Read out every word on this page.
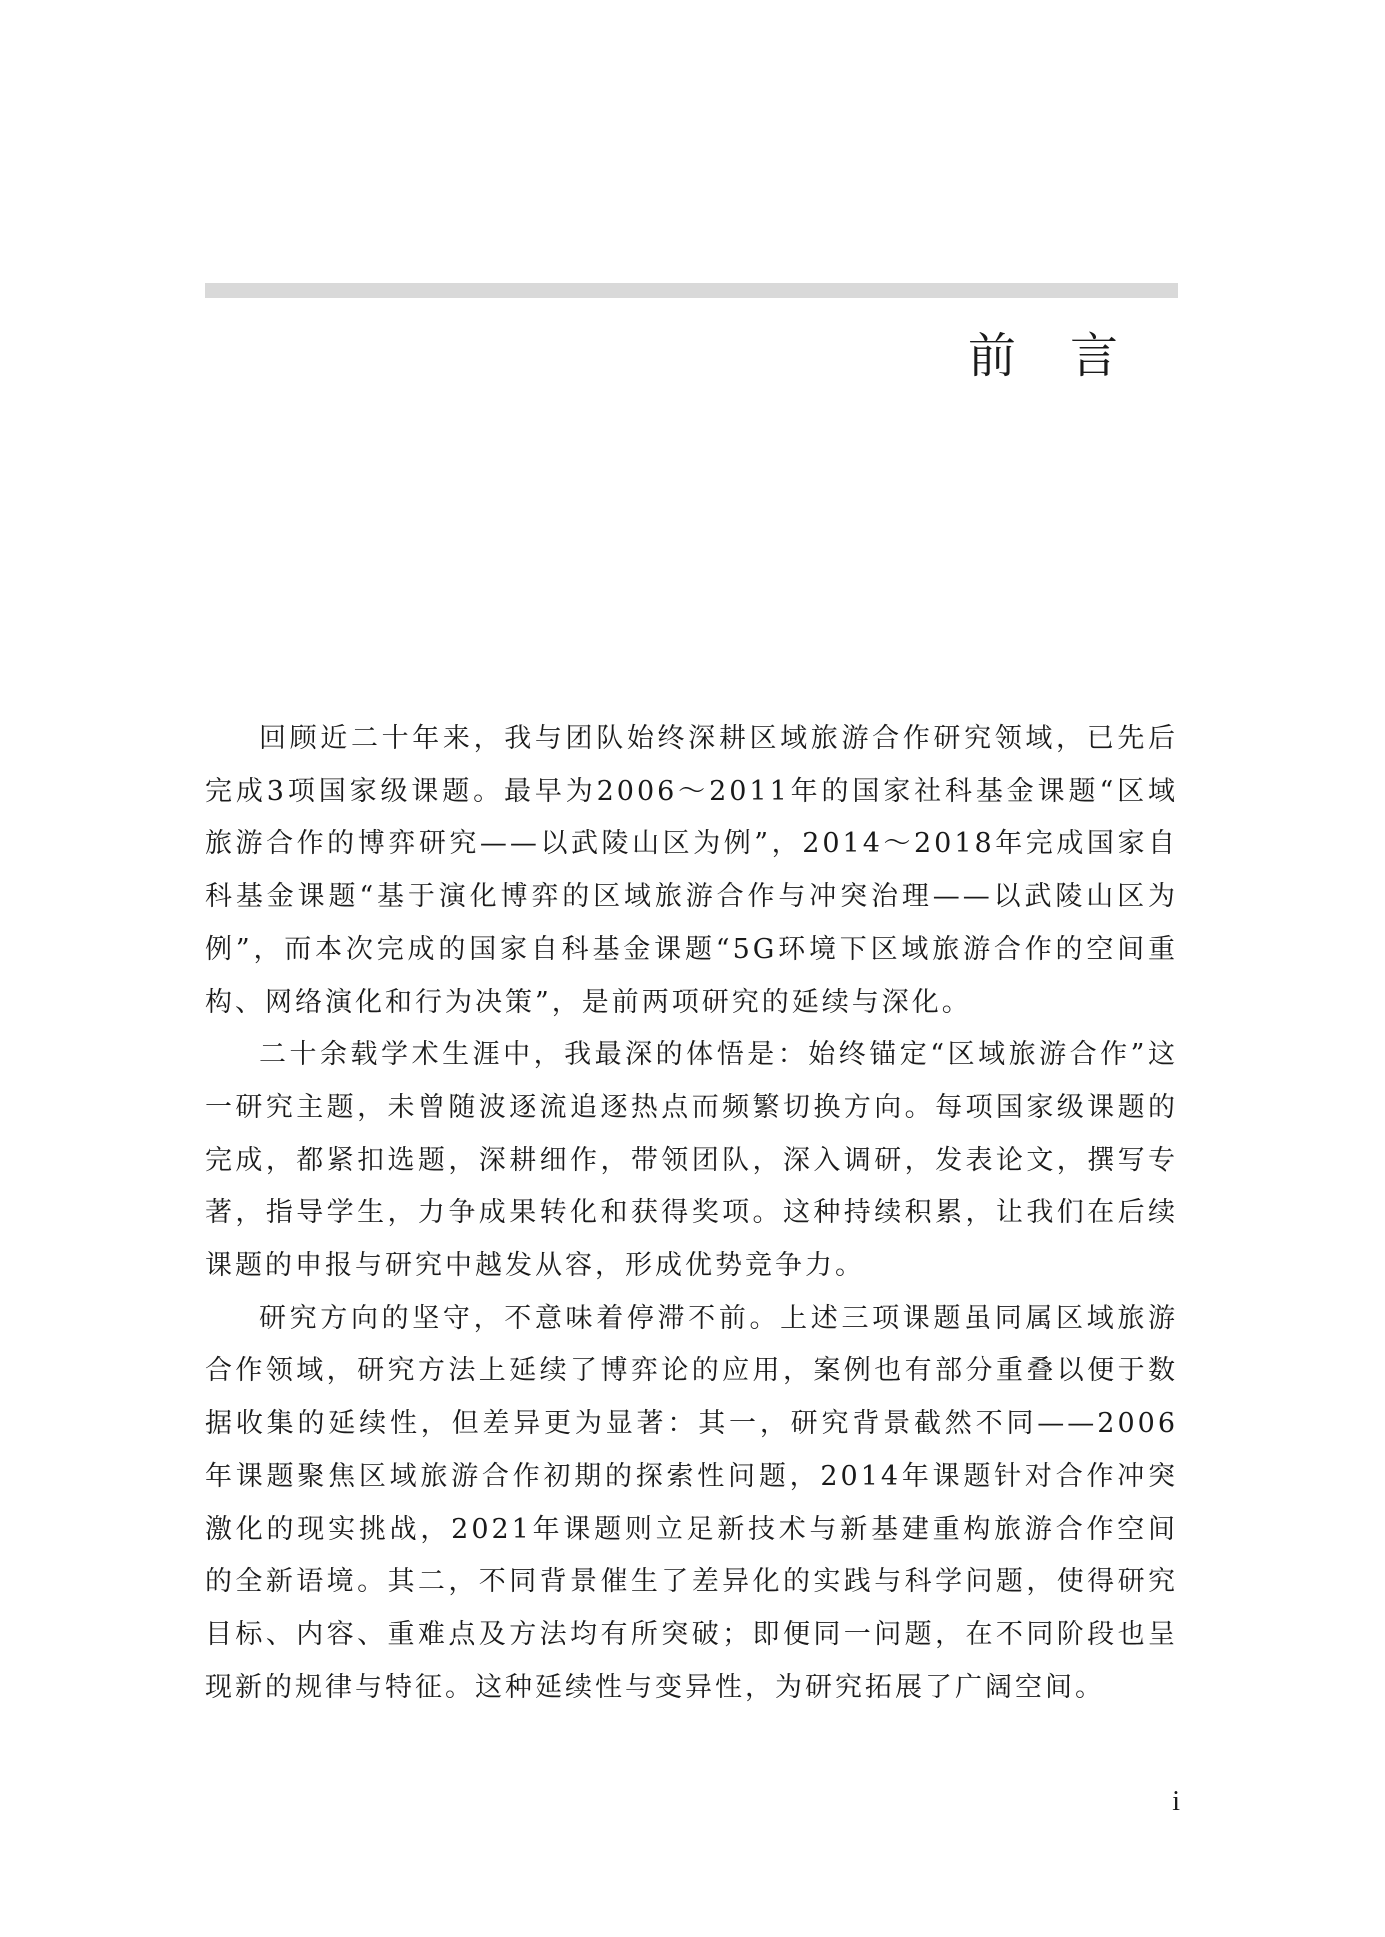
前言

回顾近二十年来，我与团队始终深耕区域旅游合作研究领域，已先后完成3项国家级课题。最早为2006～2011年的国家社科基金课题“区域旅游合作的博弈研究——以武陵山区为例”，2014～2018年完成国家自科基金课题“基于演化博弈的区域旅游合作与冲突治理——以武陵山区为例”，而本次完成的国家自科基金课题“5G环境下区域旅游合作的空间重构、网络演化和行为决策”，是前两项研究的延续与深化。

二十余载学术生涯中，我最深的体悟是：始终锚定“区域旅游合作”这一研究主题，未曾随波逐流追逐热点而频繁切换方向。每项国家级课题的完成，都紧扣选题，深耕细作，带领团队，深入调研，发表论文，撰写专著，指导学生，力争成果转化和获得奖项。这种持续积累，让我们在后续课题的申报与研究中越发从容，形成优势竞争力。

研究方向的坚守，不意味着停滞不前。上述三项课题虽同属区域旅游合作领域，研究方法上延续了博弈论的应用，案例也有部分重叠以便于数据收集的延续性，但差异更为显著：其一，研究背景截然不同——2006年课题聚焦区域旅游合作初期的探索性问题，2014年课题针对合作冲突激化的现实挑战，2021年课题则立足新技术与新基建重构旅游合作空间的全新语境。其二，不同背景催生了差异化的实践与科学问题，使得研究目标、内容、重难点及方法均有所突破；即便同一问题，在不同阶段也呈现新的规律与特征。这种延续性与变异性，为研究拓展了广阔空间。

i
